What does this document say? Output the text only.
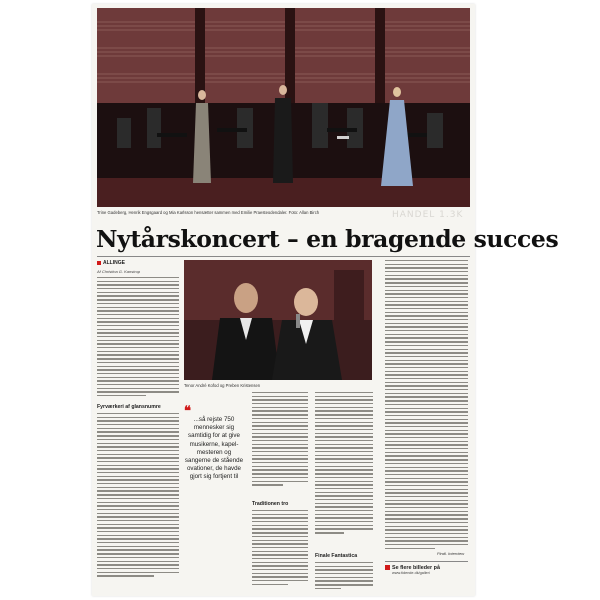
Trine Gadeberg, Henrik Engsgaard og Mia Karlsson hensætter sammen med Emilie Praesteodendaler. Foto: Allan Birch	HANDEL 1.3K
Nytårskoncert – en bragende succes
ALLINGE
Af Christina G. Kanstrup
Fyrværkeri af glansnumre
Tenor André Kofod og Preben Kristensen
❝
...så rejste 750 mennesker sig samtidig for at give musikerne, kapel-mesteren og sangerne de stående ovationer, de havde gjort sig fortjent til
Traditionen tro
Finale Fantastica	Pindl. Interview
Se flere billeder på
www.tidende.dk/galleri
